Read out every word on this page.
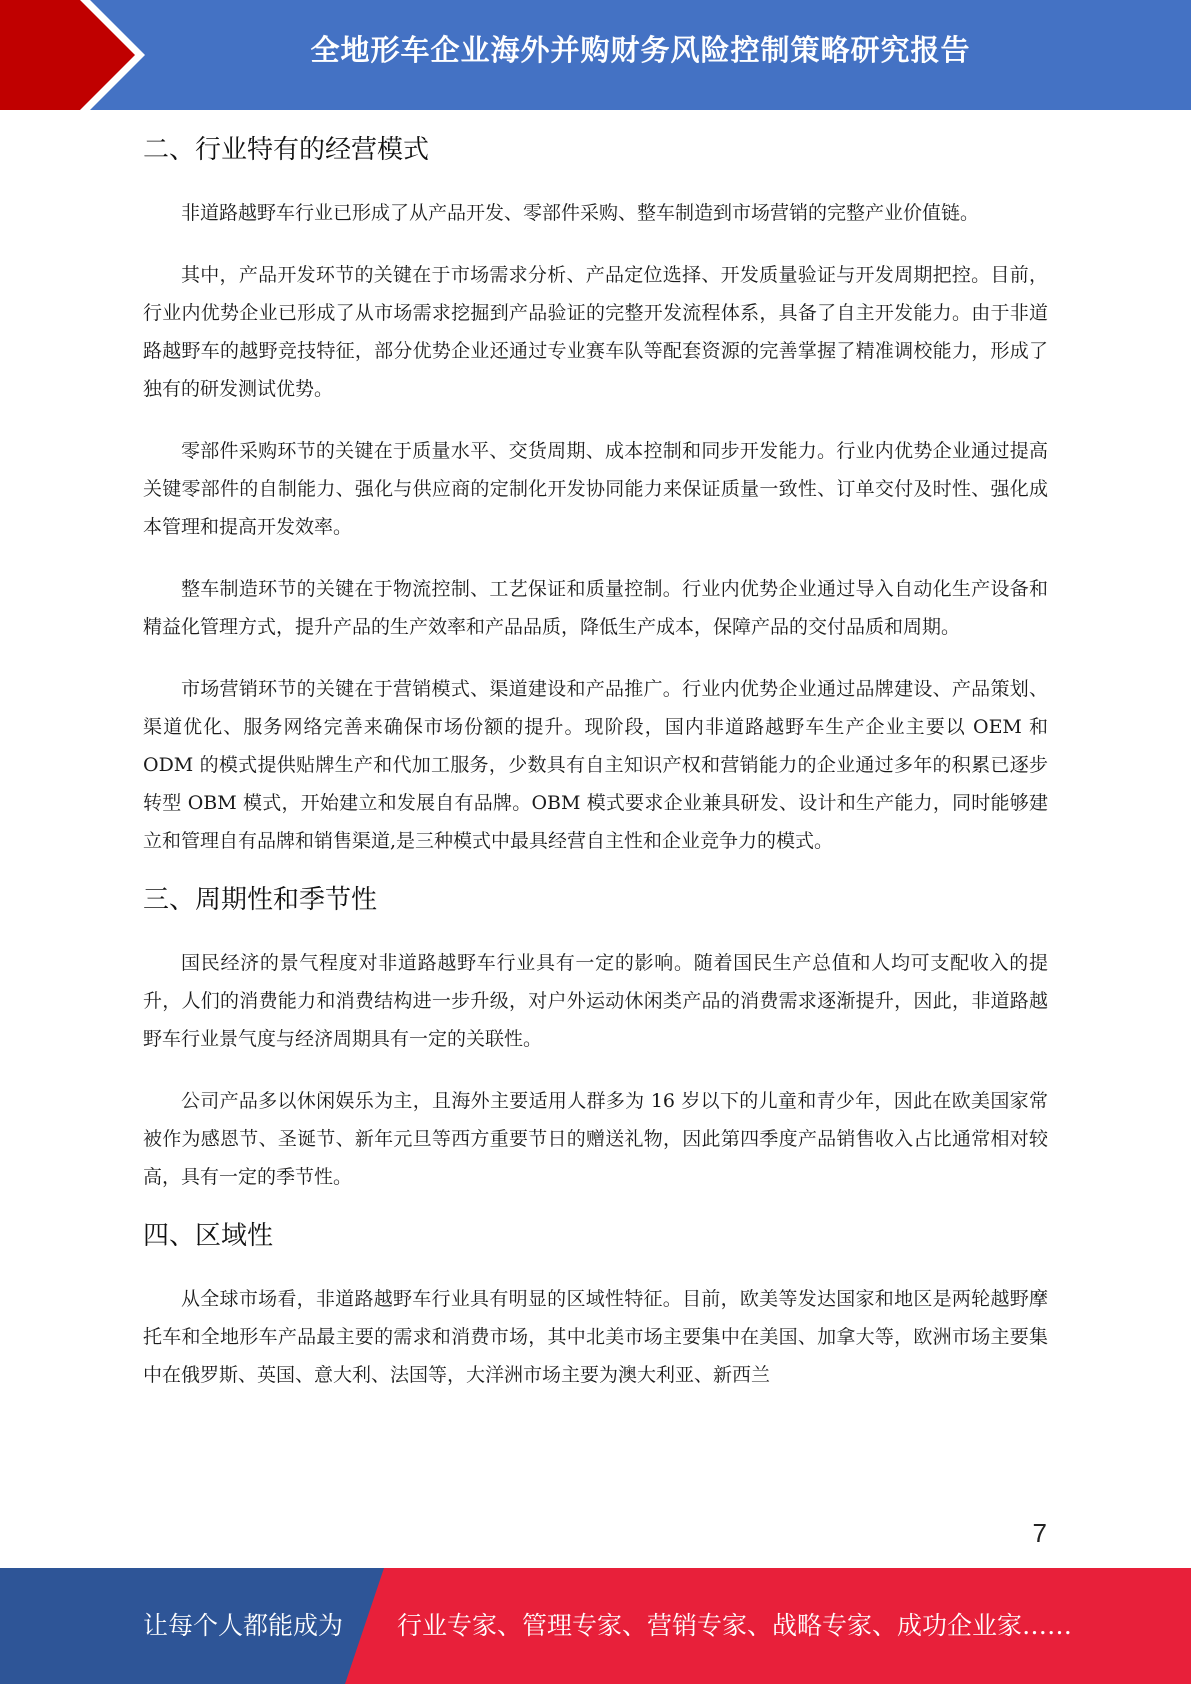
全地形车企业海外并购财务风险控制策略研究报告
二、行业特有的经营模式

非道路越野车行业已形成了从产品开发、零部件采购、整车制造到市场营销的完整产业价值链。

其中，产品开发环节的关键在于市场需求分析、产品定位选择、开发质量验证与开发周期把控。目前，行业内优势企业已形成了从市场需求挖掘到产品验证的完整开发流程体系，具备了自主开发能力。由于非道路越野车的越野竞技特征，部分优势企业还通过专业赛车队等配套资源的完善掌握了精准调校能力，形成了独有的研发测试优势。

零部件采购环节的关键在于质量水平、交货周期、成本控制和同步开发能力。行业内优势企业通过提高关键零部件的自制能力、强化与供应商的定制化开发协同能力来保证质量一致性、订单交付及时性、强化成本管理和提高开发效率。

整车制造环节的关键在于物流控制、工艺保证和质量控制。行业内优势企业通过导入自动化生产设备和精益化管理方式，提升产品的生产效率和产品品质，降低生产成本，保障产品的交付品质和周期。

市场营销环节的关键在于营销模式、渠道建设和产品推广。行业内优势企业通过品牌建设、产品策划、渠道优化、服务网络完善来确保市场份额的提升。现阶段，国内非道路越野车生产企业主要以 OEM 和 ODM 的模式提供贴牌生产和代加工服务，少数具有自主知识产权和营销能力的企业通过多年的积累已逐步转型 OBM 模式，开始建立和发展自有品牌。OBM 模式要求企业兼具研发、设计和生产能力，同时能够建立和管理自有品牌和销售渠道,是三种模式中最具经营自主性和企业竞争力的模式。

三、周期性和季节性

国民经济的景气程度对非道路越野车行业具有一定的影响。随着国民生产总值和人均可支配收入的提升，人们的消费能力和消费结构进一步升级，对户外运动休闲类产品的消费需求逐渐提升，因此，非道路越野车行业景气度与经济周期具有一定的关联性。

公司产品多以休闲娱乐为主，且海外主要适用人群多为 16 岁以下的儿童和青少年，因此在欧美国家常被作为感恩节、圣诞节、新年元旦等西方重要节日的赠送礼物，因此第四季度产品销售收入占比通常相对较高，具有一定的季节性。

四、区域性

从全球市场看，非道路越野车行业具有明显的区域性特征。目前，欧美等发达国家和地区是两轮越野摩托车和全地形车产品最主要的需求和消费市场，其中北美市场主要集中在美国、加拿大等，欧洲市场主要集中在俄罗斯、英国、意大利、法国等，大洋洲市场主要为澳大利亚、新西兰

7
让每个人都能成为 行业专家、管理专家、营销专家、战略专家、成功企业家……
